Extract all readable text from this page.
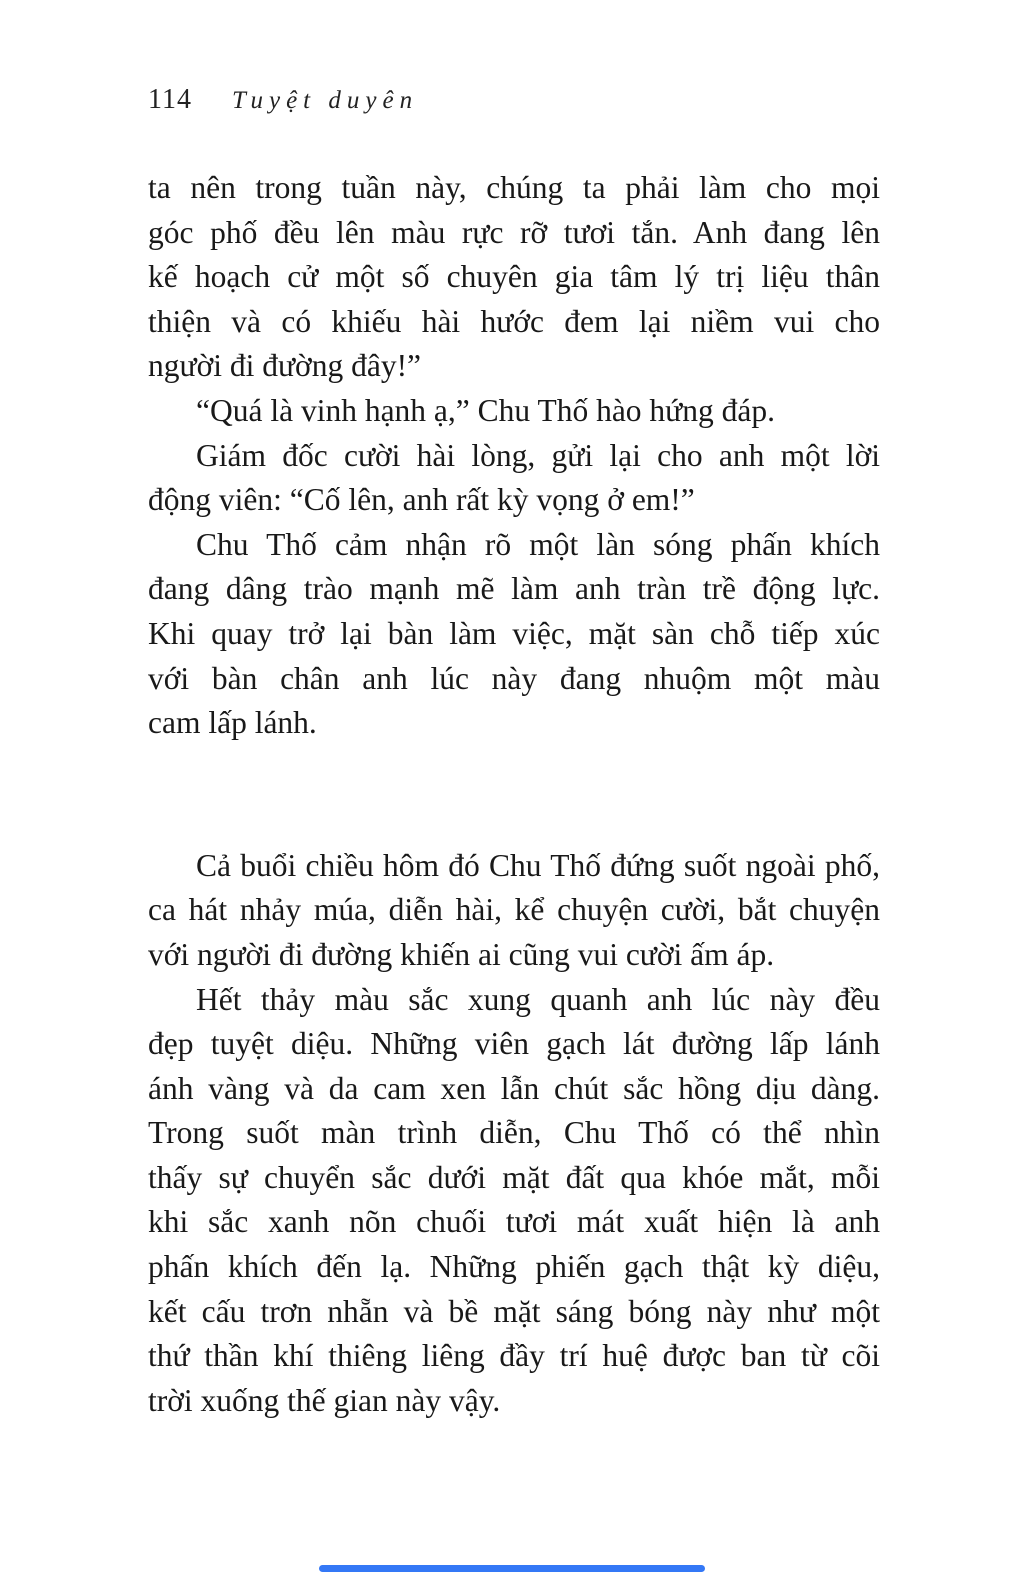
114 Tuyệt duyên
ta nên trong tuần này, chúng ta phải làm cho mọi
góc phố đều lên màu rực rỡ tươi tắn. Anh đang lên
kế hoạch cử một số chuyên gia tâm lý trị liệu thân
thiện và có khiếu hài hước đem lại niềm vui cho
người đi đường đây!”
“Quá là vinh hạnh ạ,” Chu Thố hào hứng đáp.
Giám đốc cười hài lòng, gửi lại cho anh một lời
động viên: “Cố lên, anh rất kỳ vọng ở em!”
Chu Thố cảm nhận rõ một làn sóng phấn khích
đang dâng trào mạnh mẽ làm anh tràn trề động lực.
Khi quay trở lại bàn làm việc, mặt sàn chỗ tiếp xúc
với bàn chân anh lúc này đang nhuộm một màu
cam lấp lánh.
Cả buổi chiều hôm đó Chu Thố đứng suốt ngoài phố,
ca hát nhảy múa, diễn hài, kể chuyện cười, bắt chuyện
với người đi đường khiến ai cũng vui cười ấm áp.
Hết thảy màu sắc xung quanh anh lúc này đều
đẹp tuyệt diệu. Những viên gạch lát đường lấp lánh
ánh vàng và da cam xen lẫn chút sắc hồng dịu dàng.
Trong suốt màn trình diễn, Chu Thố có thể nhìn
thấy sự chuyển sắc dưới mặt đất qua khóe mắt, mỗi
khi sắc xanh nõn chuối tươi mát xuất hiện là anh
phấn khích đến lạ. Những phiến gạch thật kỳ diệu,
kết cấu trơn nhẵn và bề mặt sáng bóng này như một
thứ thần khí thiêng liêng đầy trí huệ được ban từ cõi
trời xuống thế gian này vậy.
